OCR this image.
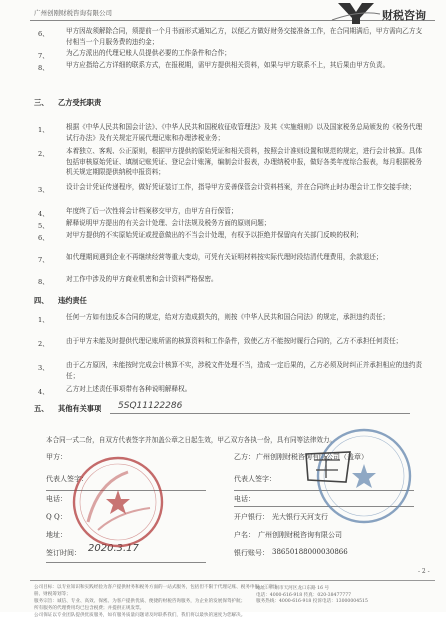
广州创刚财税咨询有限公司	财税咨询
6、	甲方因故须解除合同，须提前一个月书面形式通知乙方，以便乙方做好财务交接准备工作，在合同期满后，甲方需向乙方支付相当一个月服务费的违约金；
7、	为乙方派出的代理记账人员提供必要的工作条件和合作；
8、	甲方应指给乙方详细的联系方式，在报税期，需甲方提供相关资料，如果与甲方联系不上，其后果由甲方负责。
三、 乙方受托职责
1、	根据《中华人民共和国会计法》、《中华人民共和国税收征收管理法》及其《实施细则》以及国家税务总局颁发的《税务代理试行办法》及有关规定开展代理记账和办理涉税业务；
2、	本着独立、客观、公正原则，根据甲方提供的原始凭证和相关资料，按照会计准则设置和规范的规定，进行会计核算。具体包括审核原始凭证、填制记账凭证、登记会计账簿，编制会计报表，办理纳税申报，做好各类年度综合报表，每月根据税务机关规定期限提供纳税申报资料；
3、	设计会计凭证传递程序，做好凭证装订工作，指导甲方妥善保管会计资料档案，并在合同终止时办理会计工作交接手续；
4、	年度终了后一次性将会计档案移交甲方，由甲方自行保管；
5、	解释说明甲方提出的有关会计处理、会计法规及税务方面的原则问题；
6、	对甲方提供的不实原始凭证或授意做出的不当会计处理，有权予以拒绝并保留向有关部门反映的权利；
7、	如代理期间遇到企业不再继续经营等重大变动，可凭有关证明材料按实际代理时段结清代理费用，余款退还；
8、	对工作中涉及的甲方商业机密和会计资料严格保密。
四、 违约责任
1、	任何一方如有违反本合同的规定，给对方造成损失的，则按《中华人民共和国合同法》的规定，承担违约责任；
2、	由于甲方未能及时提供代理记账所需的核算资料和工作条件，致使乙方不能按时履行合同的，乙方不承担任何责任；
3、	由于乙方原因，未能按时完成会计核算不实，涉税文件处理不当，造成一定后果的，乙方必须及时纠正并承担相应的违约责任；
4、	乙方对上述责任事项带有各种说明解释权。
五、 其他有关事项 5SQ11122286
本合同一式二份，自双方代表签字并加盖公章之日起生效，甲乙双方各执一份，具有同等法律效力。
甲方：
代表人签字：
电话：
Q Q：
地址：
签订时间： 2020.3.17
乙方： 广州创刚财税咨询有限公司（盖章）
代表人签字：
电话：
开户银行： 光大银行天河支行
户名： 广州创刚财税咨询有限公司
银行账号： 38650188000030866
- 2 -
公司目标：以专业知识和实践经验为客户提供财务和税务方面的一站式服务，包括但不限于代理记账、税务申报、工商注册、财税筹划等；
服务宗旨：诚信、专业、高效、保密。为客户提供优质、便捷的财税咨询服务，为企业的发展保驾护航；
所有服务的代理费用均已包含税费；并提供正规发票。
公司保证以专业团队提供优质服务，如有服务质量问题请及时联系我们，我们将以最快的速度为您解决。
地址：广州市天河区龙口东路 16 号
电话：4000-616-918 传真：020-38477777
服务热线：4000-616-918 投诉电话：13000004515
